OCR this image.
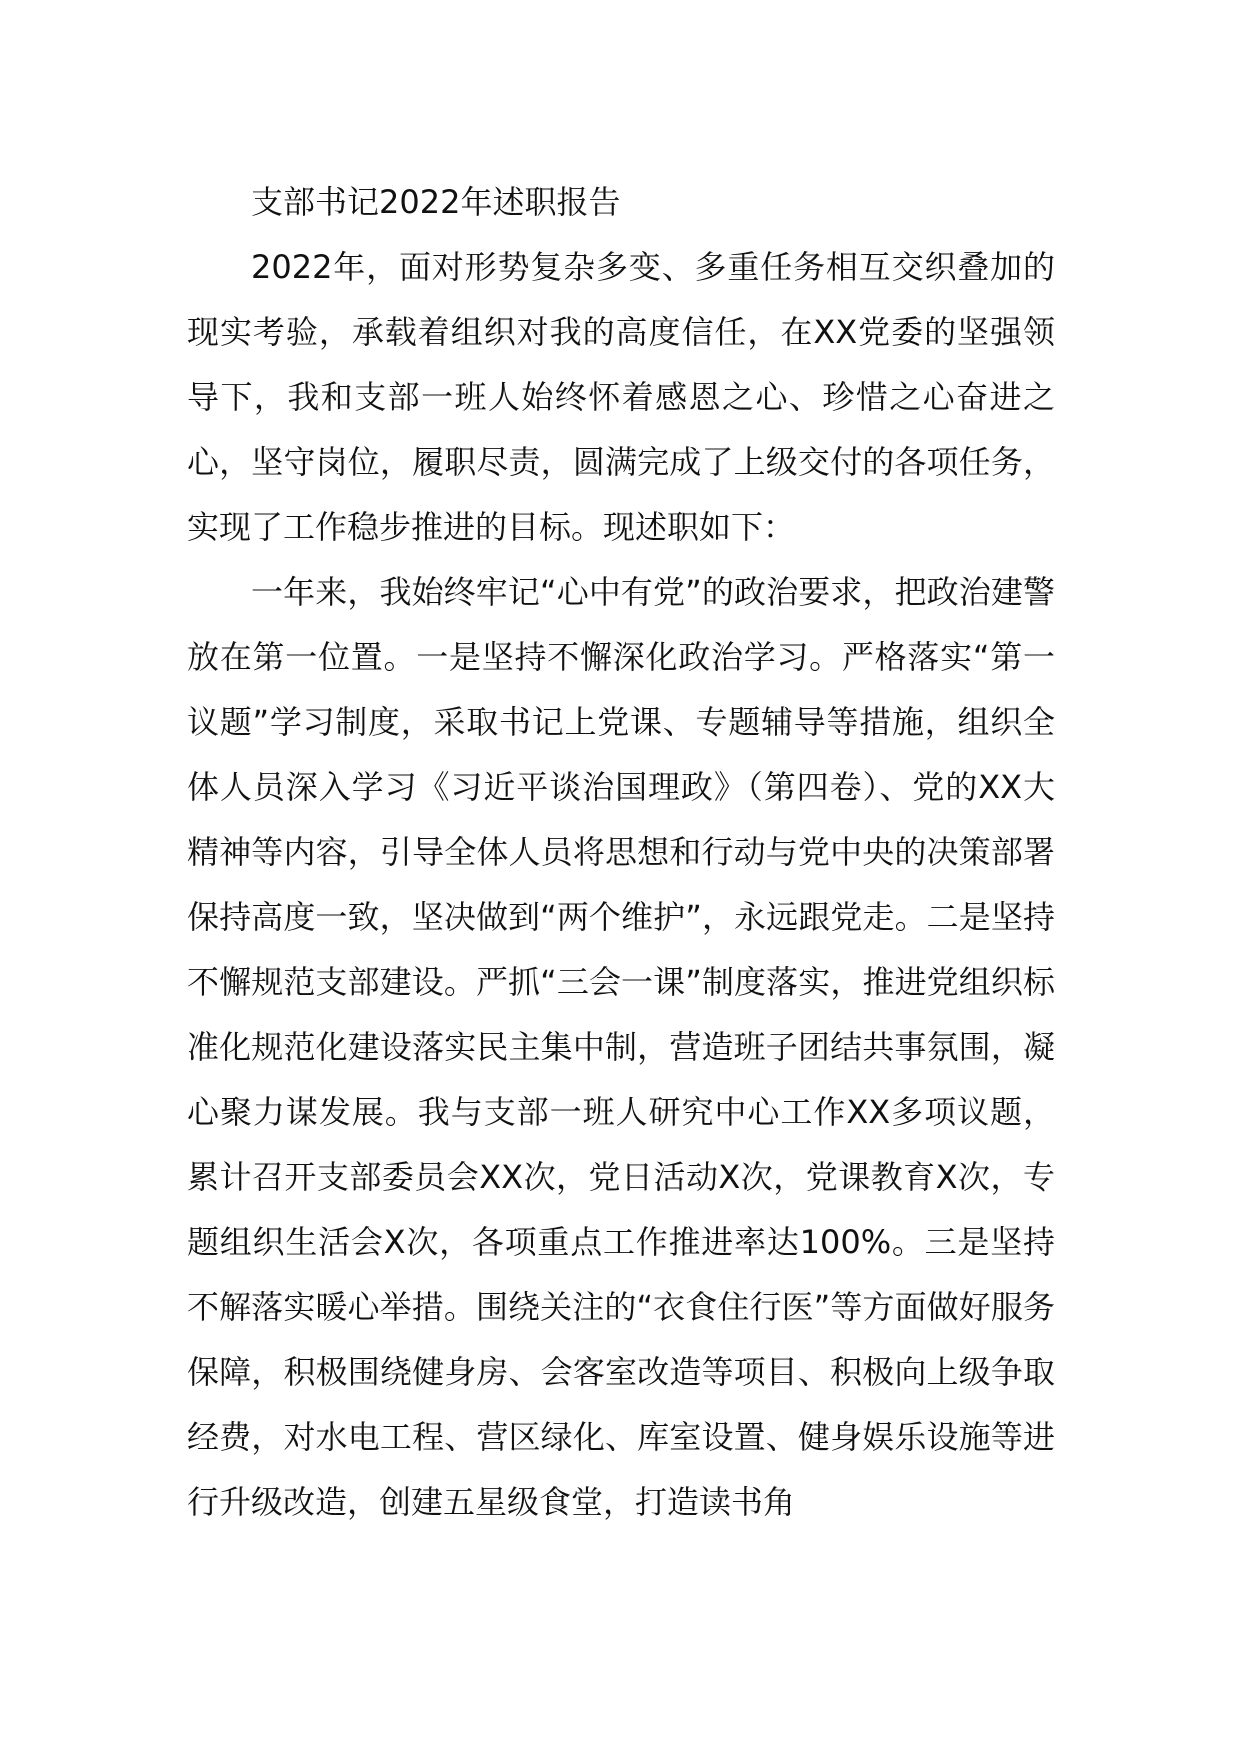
支部书记2022年述职报告

2022年，面对形势复杂多变、多重任务相互交织叠加的现实考验，承载着组织对我的高度信任，在XX党委的坚强领导下，我和支部一班人始终怀着感恩之心、珍惜之心奋进之心，坚守岗位，履职尽责，圆满完成了上级交付的各项任务，实现了工作稳步推进的目标。现述职如下：

一年来，我始终牢记“心中有党”的政治要求，把政治建警放在第一位置。一是坚持不懈深化政治学习。严格落实“第一议题”学习制度，采取书记上党课、专题辅导等措施，组织全体人员深入学习《习近平谈治国理政》（第四卷）、党的XX大精神等内容，引导全体人员将思想和行动与党中央的决策部署保持高度一致，坚决做到“两个维护”，永远跟党走。二是坚持不懈规范支部建设。严抓“三会一课”制度落实，推进党组织标准化规范化建设落实民主集中制，营造班子团结共事氛围，凝心聚力谋发展。我与支部一班人研究中心工作XX多项议题，累计召开支部委员会XX次，党日活动X次，党课教育X次，专题组织生活会X次，各项重点工作推进率达100%。三是坚持不解落实暖心举措。围绕关注的“衣食住行医”等方面做好服务保障，积极围绕健身房、会客室改造等项目、积极向上级争取经费，对水电工程、营区绿化、库室设置、健身娱乐设施等进行升级改造，创建五星级食堂，打造读书角
